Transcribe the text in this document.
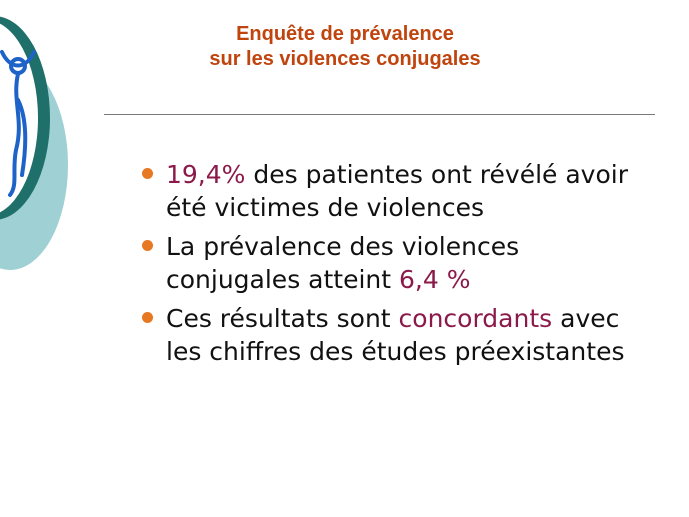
Enquête de prévalence
sur les violences conjugales
19,4% des patientes ont révélé avoir été victimes de violences
La prévalence des violences conjugales atteint 6,4 %
Ces résultats sont concordants avec les chiffres des études préexistantes
